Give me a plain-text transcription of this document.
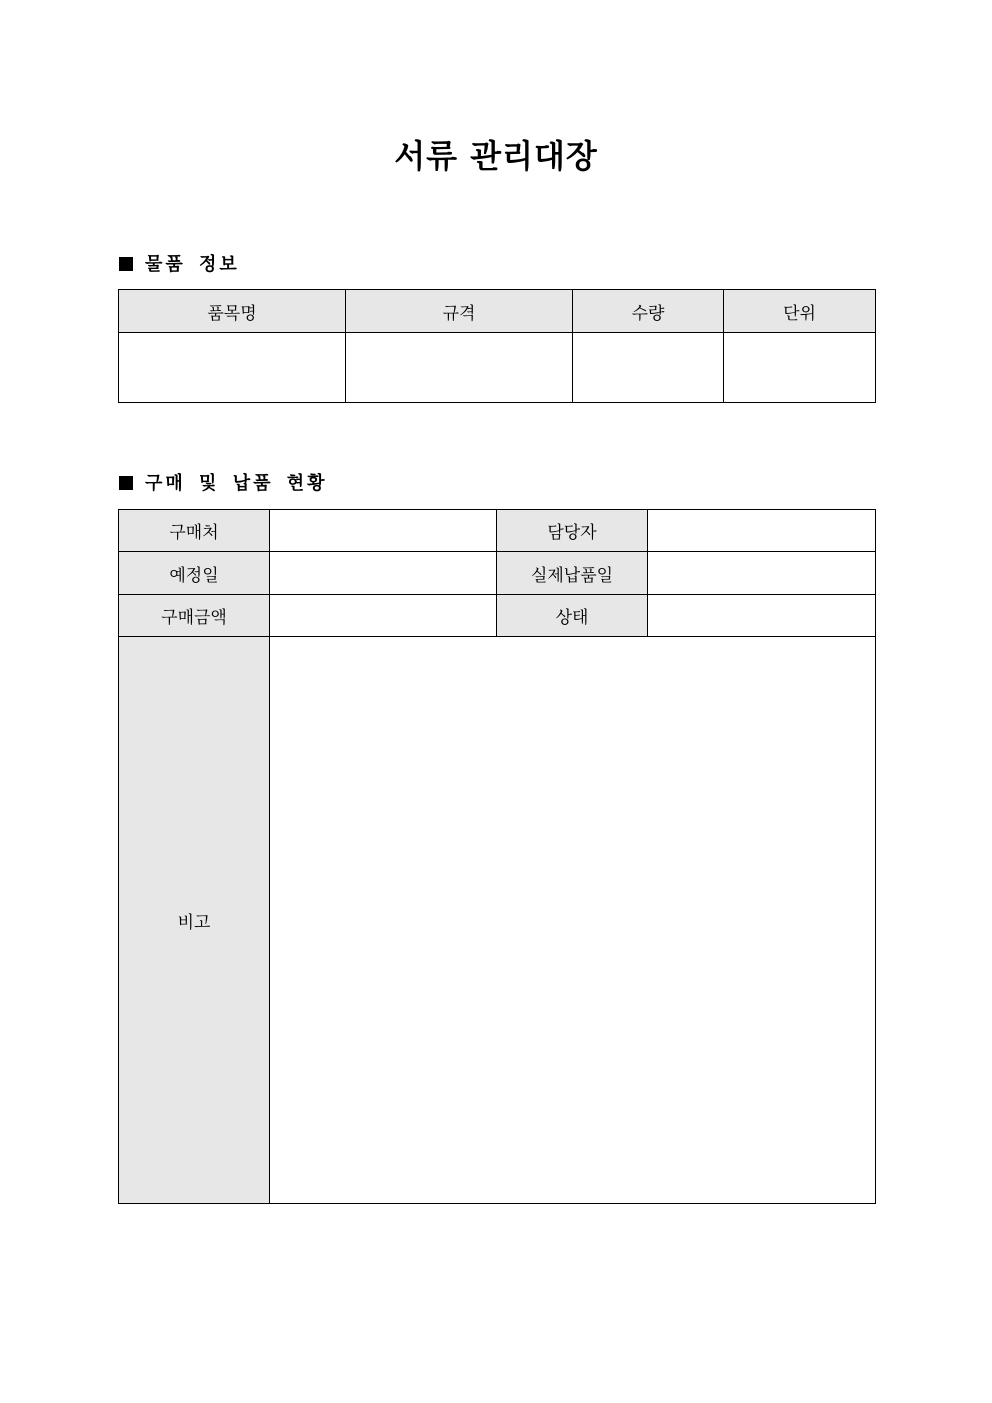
서류 관리대장
물품 정보
품목명	규격	수량	단위

구매 및 납품 현황
구매처		담당자	
예정일		실제납품일	
구매금액		상태	
비고			
